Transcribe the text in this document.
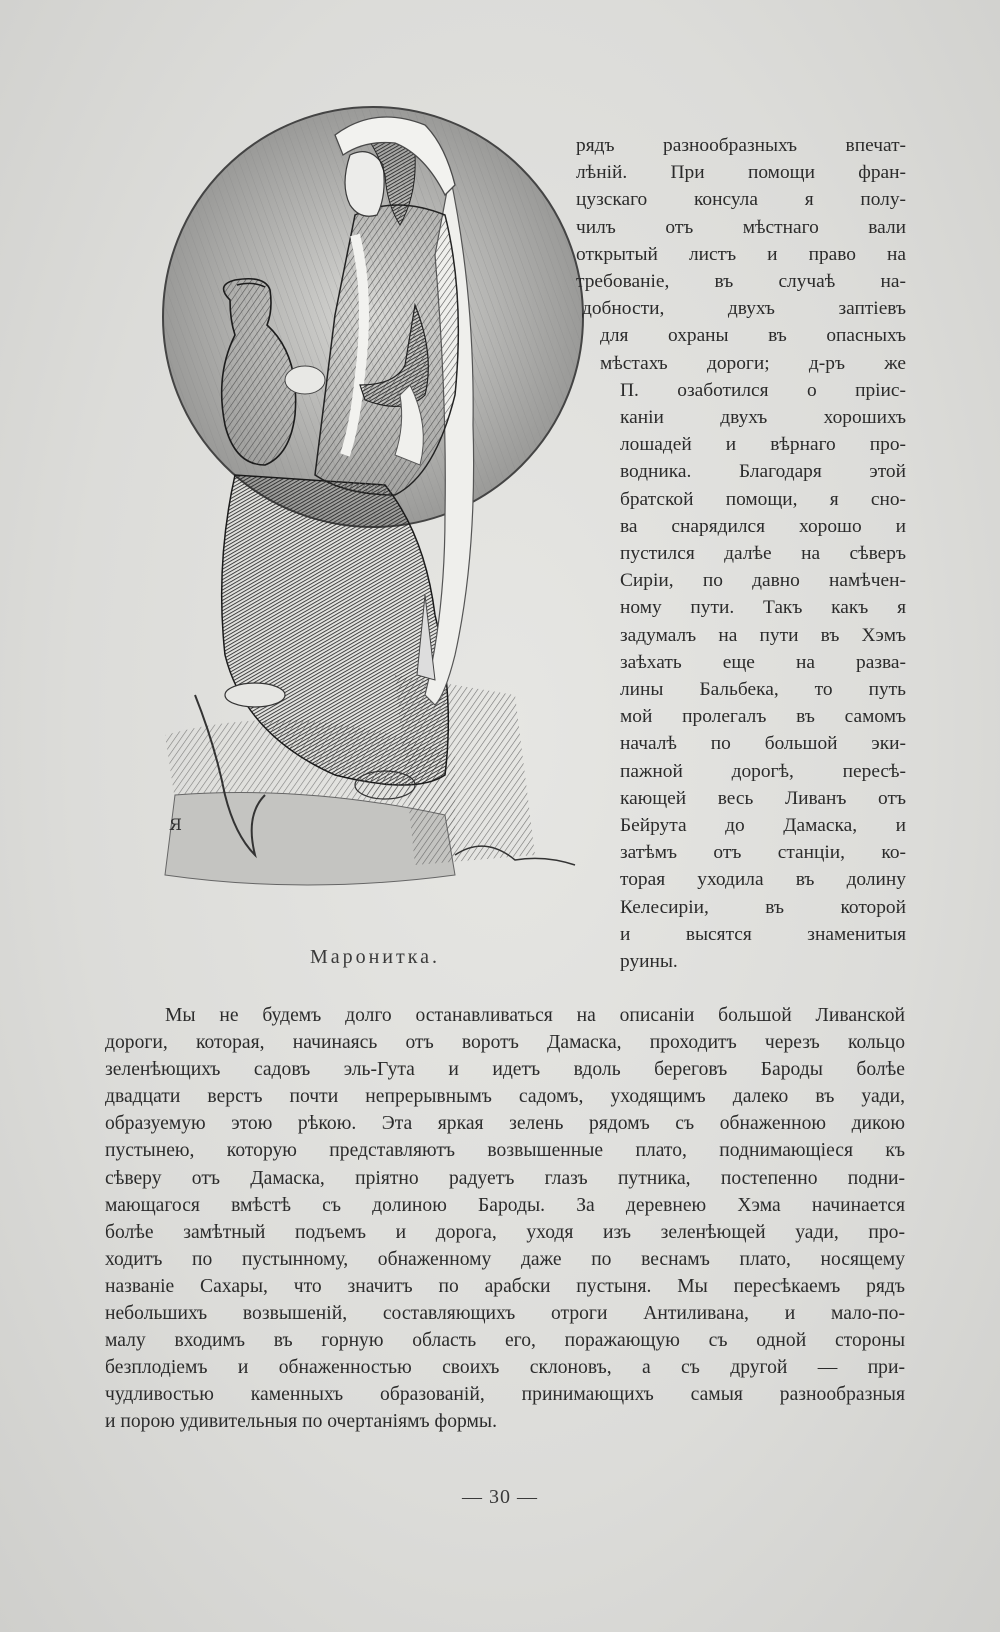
Я
Маронитка.
рядъ разнообразныхъ впечат-
лѣній. При помощи фран-
цузскаго консула я полу-
чилъ отъ мѣстнаго вали
открытый листъ и право на
требованіе, въ случаѣ на-
добности, двухъ заптіевъ
для охраны въ опасныхъ
мѣстахъ дороги; д-ръ же
П. озаботился о пріис-
каніи двухъ хорошихъ
лошадей и вѣрнаго про-
водника. Благодаря этой
братской помощи, я сно-
ва снарядился хорошо и
пустился далѣе на сѣверъ
Сиріи, по давно намѣчен-
ному пути. Такъ какъ я
задумалъ на пути въ Хэмъ
заѣхать еще на разва-
лины Бальбека, то путь
мой пролегалъ въ самомъ
началѣ по большой эки-
пажной дорогѣ, пересѣ-
кающей весь Ливанъ отъ
Бейрута до Дамаска, и
затѣмъ отъ станціи, ко-
торая уходила въ долину
Келесиріи, въ которой
и высятся знаменитыя
руины.
Мы не будемъ долго останавливаться на описаніи большой Ливанской
дороги, которая, начинаясь отъ воротъ Дамаска, проходитъ черезъ кольцо
зеленѣющихъ садовъ эль-Гута и идетъ вдоль береговъ Бароды болѣе
двадцати верстъ почти непрерывнымъ садомъ, уходящимъ далеко въ уади,
образуемую этою рѣкою. Эта яркая зелень рядомъ съ обнаженною дикою
пустынею, которую представляютъ возвышенные плато, поднимающіеся къ
сѣверу отъ Дамаска, пріятно радуетъ глазъ путника, постепенно подни-
мающагося вмѣстѣ съ долиною Бароды. За деревнею Хэма начинается
болѣе замѣтный подъемъ и дорога, уходя изъ зеленѣющей уади, про-
ходитъ по пустынному, обнаженному даже по веснамъ плато, носящему
названіе Сахары, что значитъ по арабски пустыня. Мы пересѣкаемъ рядъ
небольшихъ возвышеній, составляющихъ отроги Антиливана, и мало-по-
малу входимъ въ горную область его, поражающую съ одной стороны
безплодіемъ и обнаженностью своихъ склоновъ, а съ другой — при-
чудливостью каменныхъ образованій, принимающихъ самыя разнообразныя
и порою удивительныя по очертаніямъ формы.
— 30 —
